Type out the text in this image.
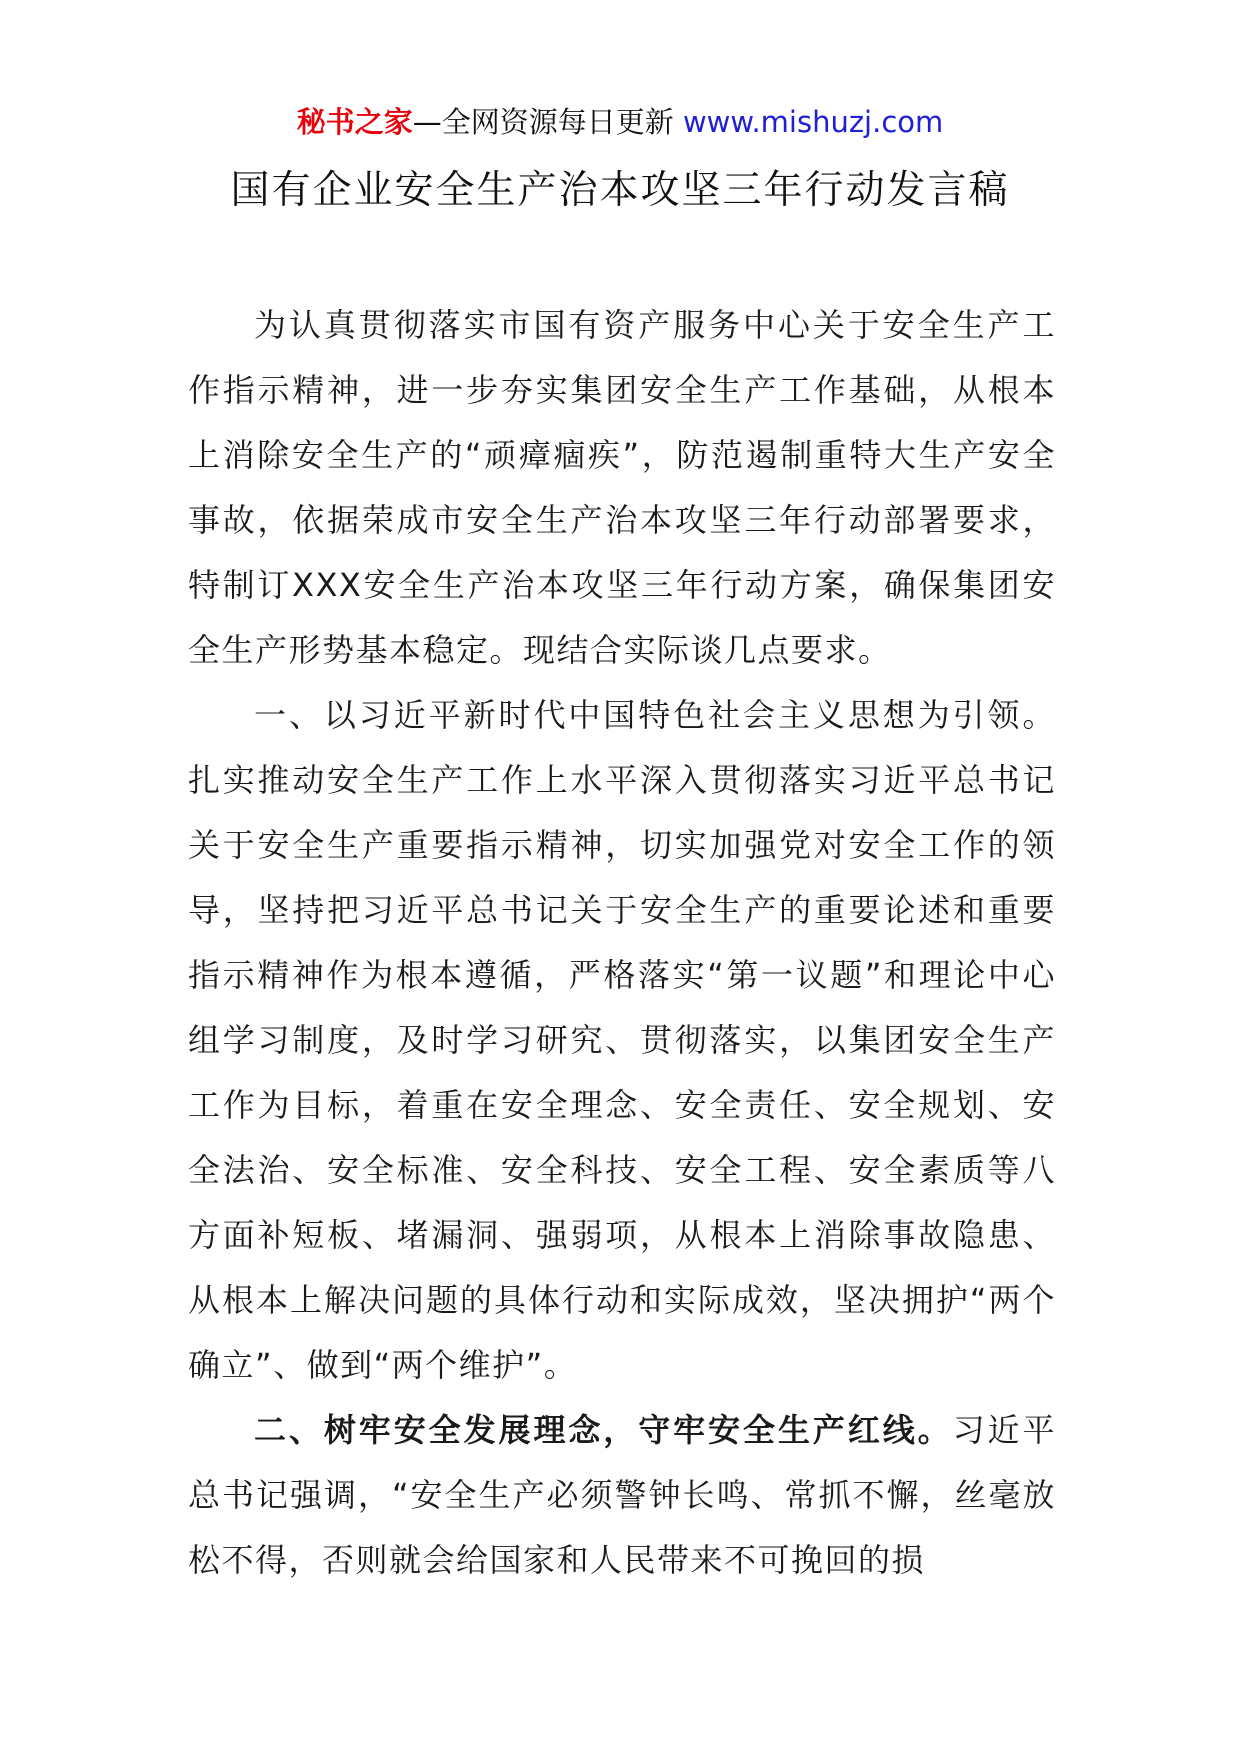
秘书之家—全网资源每日更新 www.mishuzj.com
国有企业安全生产治本攻坚三年行动发言稿

为认真贯彻落实市国有资产服务中心关于安全生产工作指示精神，进一步夯实集团安全生产工作基础，从根本上消除安全生产的“顽瘴痼疾”，防范遏制重特大生产安全事故，依据荣成市安全生产治本攻坚三年行动部署要求，特制订XXX安全生产治本攻坚三年行动方案，确保集团安全生产形势基本稳定。现结合实际谈几点要求。

一、以习近平新时代中国特色社会主义思想为引领。扎实推动安全生产工作上水平深入贯彻落实习近平总书记关于安全生产重要指示精神，切实加强党对安全工作的领导，坚持把习近平总书记关于安全生产的重要论述和重要指示精神作为根本遵循，严格落实“第一议题”和理论中心组学习制度，及时学习研究、贯彻落实，以集团安全生产工作为目标，着重在安全理念、安全责任、安全规划、安全法治、安全标准、安全科技、安全工程、安全素质等八方面补短板、堵漏洞、强弱项，从根本上消除事故隐患、从根本上解决问题的具体行动和实际成效，坚决拥护“两个确立”、做到“两个维护”。

二、树牢安全发展理念，守牢安全生产红线。习近平总书记强调，“安全生产必须警钟长鸣、常抓不懈，丝毫放松不得，否则就会给国家和人民带来不可挽回的损
